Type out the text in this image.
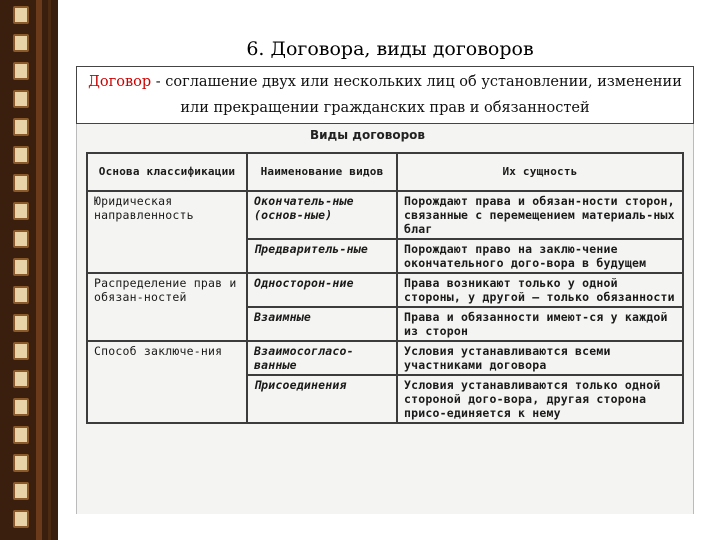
6. Договора, виды договоров
Договор - соглашение двух или нескольких лиц об установлении, изменении или прекращении гражданских прав и обязанностей
Виды договоров
Основа классификации	Наименование видов	Их сущность
Юридическая направленность	Окончатель-ные (основ-ные)	Порождают права и обязан-ности сторон, связанные с перемещением материаль-ных благ
	Предваритель-ные	Порождают право на заклю-чение окончательного дого-вора в будущем
Распределение прав и обязан-ностей	Односторон-ние	Права возникают только у одной стороны, у другой — только обязанности
	Взаимные	Права и обязанности имеют-ся у каждой из сторон
Способ заключе-ния	Взаимосогласо-ванные	Условия устанавливаются всеми участниками договора
	Присоединения	Условия устанавливаются только одной стороной дого-вора, другая сторона присо-единяется к нему
